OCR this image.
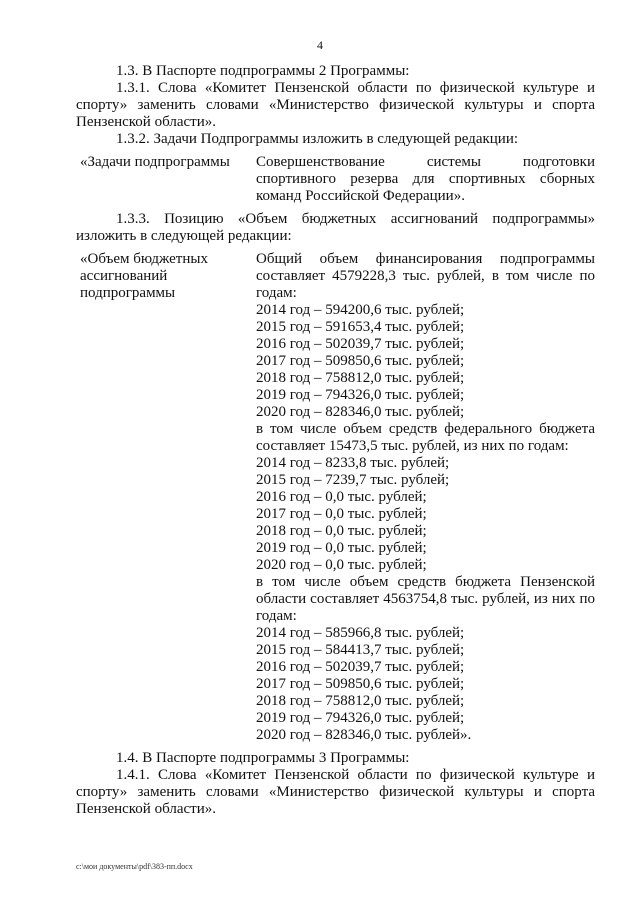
4

1.3. В Паспорте подпрограммы 2 Программы:

1.3.1. Слова «Комитет Пензенской области по физической культуре и спорту» заменить словами «Министерство физической культуры и спорта Пензенской области».

1.3.2. Задачи Подпрограммы изложить в следующей редакции:

«Задачи подпрограммы	Совершенствование системы подготовки спортивного резерва для спортивных сборных команд Российской Федерации».

1.3.3. Позицию «Объем бюджетных ассигнований подпрограммы» изложить в следующей редакции:

«Объем бюджетных ассигнований подпрограммы
Общий объем финансирования подпрограммы составляет 4579228,3 тыс. рублей, в том числе по годам:
2014 год – 594200,6 тыс. рублей;
2015 год – 591653,4 тыс. рублей;
2016 год – 502039,7 тыс. рублей;
2017 год – 509850,6 тыс. рублей;
2018 год – 758812,0 тыс. рублей;
2019 год – 794326,0 тыс. рублей;
2020 год – 828346,0 тыс. рублей;
в том числе объем средств федерального бюджета составляет 15473,5 тыс. рублей, из них по годам:
2014 год – 8233,8 тыс. рублей;
2015 год – 7239,7 тыс. рублей;
2016 год – 0,0 тыс. рублей;
2017 год – 0,0 тыс. рублей;
2018 год – 0,0 тыс. рублей;
2019 год – 0,0 тыс. рублей;
2020 год – 0,0 тыс. рублей;
в том числе объем средств бюджета Пензенской области составляет 4563754,8 тыс. рублей, из них по годам:
2014 год – 585966,8 тыс. рублей;
2015 год – 584413,7 тыс. рублей;
2016 год – 502039,7 тыс. рублей;
2017 год – 509850,6 тыс. рублей;
2018 год – 758812,0 тыс. рублей;
2019 год – 794326,0 тыс. рублей;
2020 год – 828346,0 тыс. рублей».

1.4. В Паспорте подпрограммы 3 Программы:

1.4.1. Слова «Комитет Пензенской области по физической культуре и спорту» заменить словами «Министерство физической культуры и спорта Пензенской области».

c:\мои документы\pdf\383-пп.docx
